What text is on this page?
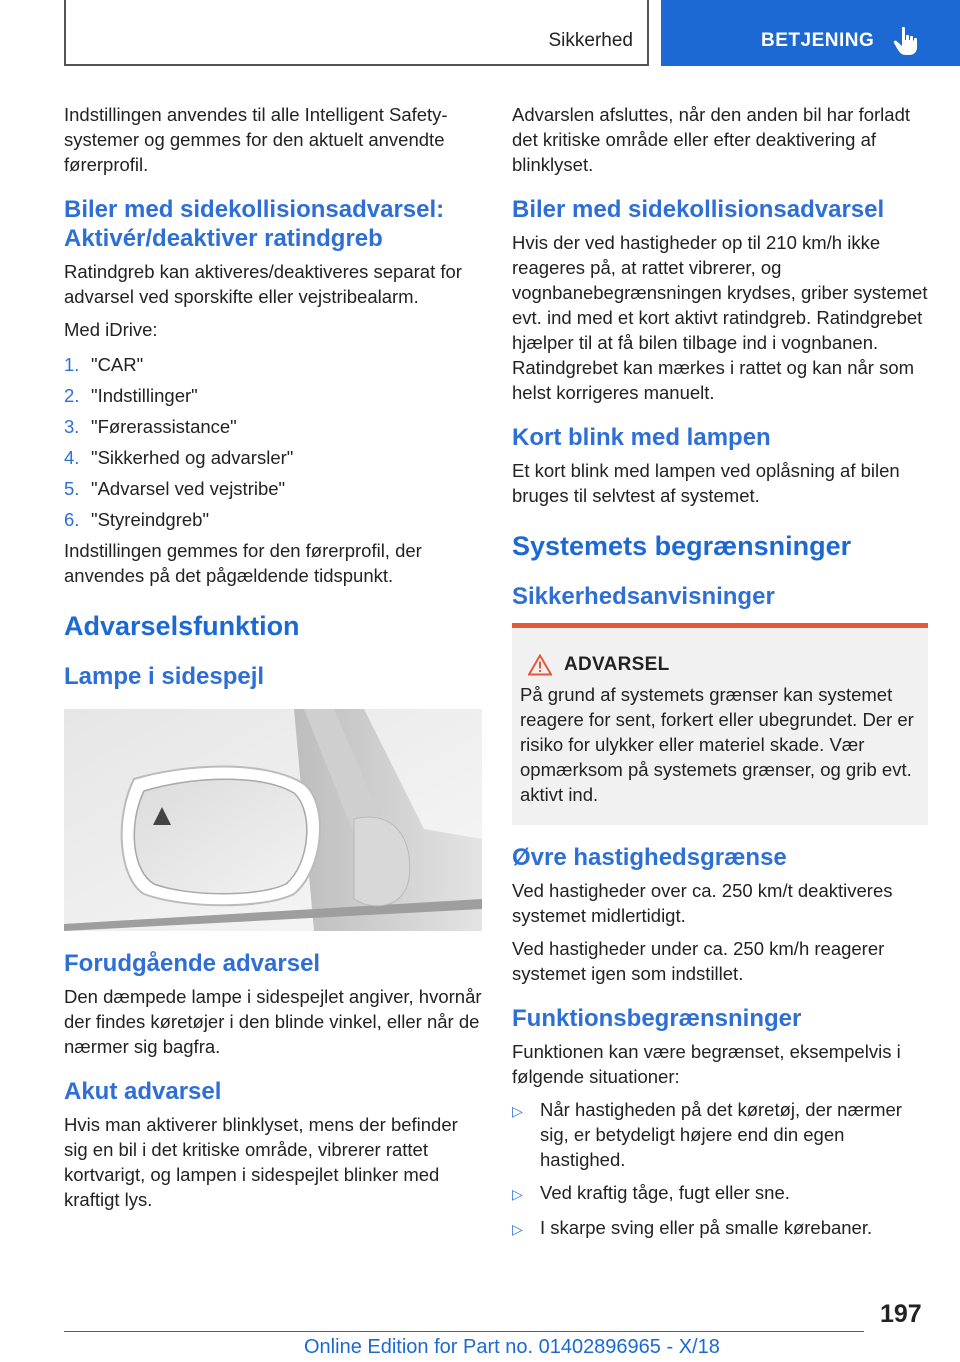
Sikkerhed	BETJENING

Indstillingen anvendes til alle Intelligent Safety-systemer og gemmes for den aktuelt anvendte førerprofil.

Biler med sidekollisionsadvarsel: Aktivér/deaktiver ratindgreb

Ratindgreb kan aktiveres/deaktiveres separat for advarsel ved sporskifte eller vejstribealarm.

Med iDrive:

1. "CAR"
2. "Indstillinger"
3. "Førerassistance"
4. "Sikkerhed og advarsler"
5. "Advarsel ved vejstribe"
6. "Styreindgreb"

Indstillingen gemmes for den førerprofil, der anvendes på det pågældende tidspunkt.

Advarselsfunktion
Lampe i sidespejl
Forudgående advarsel

Den dæmpede lampe i sidespejlet angiver, hvornår der findes køretøjer i den blinde vinkel, eller når de nærmer sig bagfra.

Akut advarsel

Hvis man aktiverer blinklyset, mens der befinder sig en bil i det kritiske område, vibrerer rattet kortvarigt, og lampen i sidespejlet blinker med kraftigt lys.

Advarslen afsluttes, når den anden bil har forladt det kritiske område eller efter deaktivering af blinklyset.

Biler med sidekollisionsadvarsel

Hvis der ved hastigheder op til 210 km/h ikke reageres på, at rattet vibrerer, og vognbanebegrænsningen krydses, griber systemet evt. ind med et kort aktivt ratindgreb. Ratindgrebet hjælper til at få bilen tilbage ind i vognbanen. Ratindgrebet kan mærkes i rattet og kan når som helst korrigeres manuelt.

Kort blink med lampen

Et kort blink med lampen ved oplåsning af bilen bruges til selvtest af systemet.

Systemets begrænsninger
Sikkerhedsanvisninger
ADVARSEL

På grund af systemets grænser kan systemet reagere for sent, forkert eller ubegrundet. Der er risiko for ulykker eller materiel skade. Vær opmærksom på systemets grænser, og grib evt. aktivt ind.

Øvre hastighedsgrænse

Ved hastigheder over ca. 250 km/t deaktiveres systemet midlertidigt.

Ved hastigheder under ca. 250 km/h reagerer systemet igen som indstillet.

Funktionsbegrænsninger

Funktionen kan være begrænset, eksempelvis i følgende situationer:

▷ Når hastigheden på det køretøj, der nærmer sig, er betydeligt højere end din egen hastighed.
▷ Ved kraftig tåge, fugt eller sne.
▷ I skarpe sving eller på smalle kørebaner.
197
Online Edition for Part no. 01402896965 - X/18
